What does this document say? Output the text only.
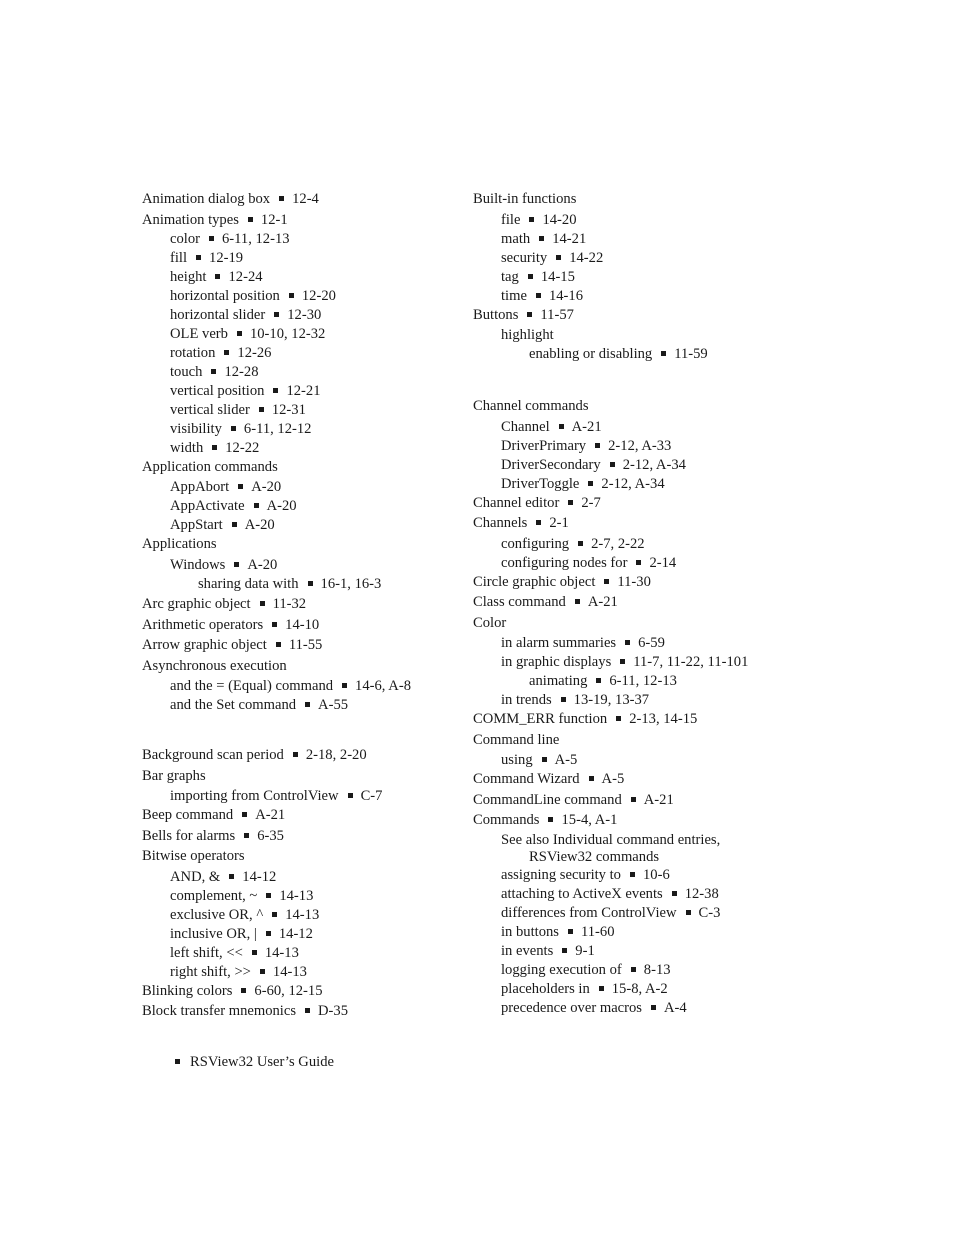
Animation dialog box 12-4
Animation types 12-1
color 6-11, 12-13
fill 12-19
height 12-24
horizontal position 12-20
horizontal slider 12-30
OLE verb 10-10, 12-32
rotation 12-26
touch 12-28
vertical position 12-21
vertical slider 12-31
visibility 6-11, 12-12
width 12-22
Application commands
AppAbort A-20
AppActivate A-20
AppStart A-20
Applications
Windows A-20
sharing data with 16-1, 16-3
Arc graphic object 11-32
Arithmetic operators 14-10
Arrow graphic object 11-55
Asynchronous execution
and the = (Equal) command 14-6, A-8
and the Set command A-55
Background scan period 2-18, 2-20
Bar graphs
importing from ControlView C-7
Beep command A-21
Bells for alarms 6-35
Bitwise operators
AND, & 14-12
complement, ~ 14-13
exclusive OR, ^ 14-13
inclusive OR, | 14-12
left shift, << 14-13
right shift, >> 14-13
Blinking colors 6-60, 12-15
Block transfer mnemonics D-35
Built-in functions
file 14-20
math 14-21
security 14-22
tag 14-15
time 14-16
Buttons 11-57
highlight
enabling or disabling 11-59
Channel commands
Channel A-21
DriverPrimary 2-12, A-33
DriverSecondary 2-12, A-34
DriverToggle 2-12, A-34
Channel editor 2-7
Channels 2-1
configuring 2-7, 2-22
configuring nodes for 2-14
Circle graphic object 11-30
Class command A-21
Color
in alarm summaries 6-59
in graphic displays 11-7, 11-22, 11-101
animating 6-11, 12-13
in trends 13-19, 13-37
COMM_ERR function 2-13, 14-15
Command line
using A-5
Command Wizard A-5
CommandLine command A-21
Commands 15-4, A-1
See also Individual command entries,
RSView32 commands
assigning security to 10-6
attaching to ActiveX events 12-38
differences from ControlView C-3
in buttons 11-60
in events 9-1
logging execution of 8-13
placeholders in 15-8, A-2
precedence over macros A-4
RSView32 User’s Guide
